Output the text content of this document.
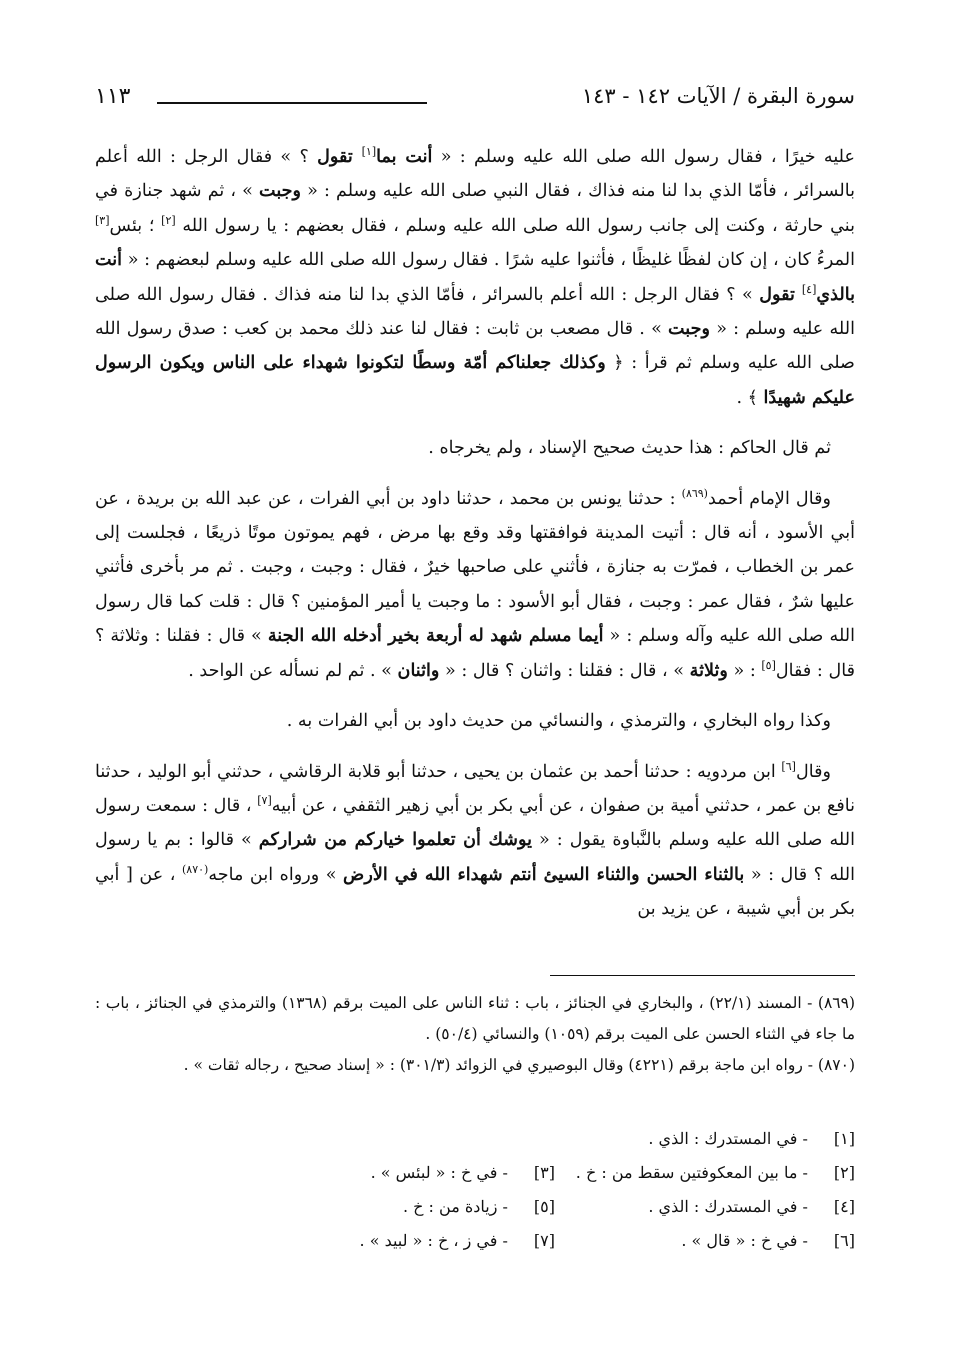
١١٣	سورة البقرة / الآيات ١٤٢ - ١٤٣

عليه خيرًا ، فقال رسول الله صلى الله عليه وسلم : « أنت بما[١] تقول ؟ » فقال الرجل : الله أعلم بالسرائر ، فأمّا الذي بدا لنا منه فذاك ، فقال النبي صلى الله عليه وسلم : « وجبت » ، ثم شهد جنازة في بني حارثة ، وكنت إلى جانب رسول الله صلى الله عليه وسلم ، فقال بعضهم : يا رسول الله [٢] ؛ بئس[٣] المرءُ كان ، إن كان لفظًا غليظًا ، فأثنوا عليه شرًا . فقال رسول الله صلى الله عليه وسلم لبعضهم : « أنت بالذي[٤] تقول » ؟ فقال الرجل : الله أعلم بالسرائر ، فأمّا الذي بدا لنا منه فذاك . فقال رسول الله صلى الله عليه وسلم : « وجبت » . قال مصعب بن ثابت : فقال لنا عند ذلك محمد بن كعب : صدق رسول الله صلى الله عليه وسلم ثم قرأ : ﴿ وكذلك جعلناكم أمّة وسطًا لتكونوا شهداء على الناس ويكون الرسول عليكم شهيدًا ﴾ .

ثم قال الحاكم : هذا حديث صحيح الإسناد ، ولم يخرجاه .

وقال الإمام أحمد$^{(٨٦٩)}$ : حدثنا يونس بن محمد ، حدثنا داود بن أبي الفرات ، عن عبد الله بن بريدة ، عن أبي الأسود ، أنه قال : أتيت المدينة فوافقتها وقد وقع بها مرض ، فهم يموتون موتًا ذريعًا ، فجلست إلى عمر بن الخطاب ، فمرّت به جنازة ، فأثني على صاحبها خيرٌ ، فقال : وجبت ، وجبت . ثم مر بأخرى فأثني عليها شرٌ ، فقال عمر : وجبت ، فقال أبو الأسود : ما وجبت يا أمير المؤمنين ؟ قال : قلت كما قال رسول الله صلى الله عليه وآله وسلم : « أيما مسلم شهد له أربعة بخير أدخله الله الجنة » قال : فقلنا : وثلاثة ؟ قال : فقال[٥] : « وثلاثة » ، قال : فقلنا : واثنان ؟ قال : « واثنان » . ثم لم نسأله عن الواحد .

وكذا رواه البخاري ، والترمذي ، والنسائي من حديث داود بن أبي الفرات به .

وقال[٦] ابن مردويه : حدثنا أحمد بن عثمان بن يحيى ، حدثنا أبو قلابة الرقاشي ، حدثني أبو الوليد ، حدثنا نافع بن عمر ، حدثني أمية بن صفوان ، عن أبي بكر بن أبي زهير الثقفي ، عن أبيه[٧] ، قال : سمعت رسول الله صلى الله عليه وسلم بالنَّباوة يقول : « يوشك أن تعلموا خياركم من شراركم » قالوا : بم يا رسول الله ؟ قال : « بالثناء الحسن والثناء السيئ أنتم شهداء الله في الأرض » ورواه ابن ماجه$^{(٨٧٠)}$ ، عن [ أبي بكر بن أبي شيبة ، عن يزيد بن

(٨٦٩) - المسند (٢٢/١) ، والبخاري في الجنائز ، باب : ثناء الناس على الميت برقم (١٣٦٨) والترمذي في الجنائز ، باب : ما جاء في الثناء الحسن على الميت برقم (١٠٥٩) والنسائي (٥٠/٤) .

(٨٧٠) - رواه ابن ماجة برقم (٤٢٢١) وقال البوصيري في الزوائد (٣٠١/٣) : « إسناد صحيح ، رجاله ثقات » .

[١] - في المستدرك : الذي .
[٢] - ما بين المعكوفتين سقط من : خ .
[٣] - في خ : « لبئس » .
[٤] - في المستدرك : الذي .
[٥] - زيادة من : خ .
[٦] - في خ : « قال » .
[٧] - في ز ، خ : « لبيد » .
